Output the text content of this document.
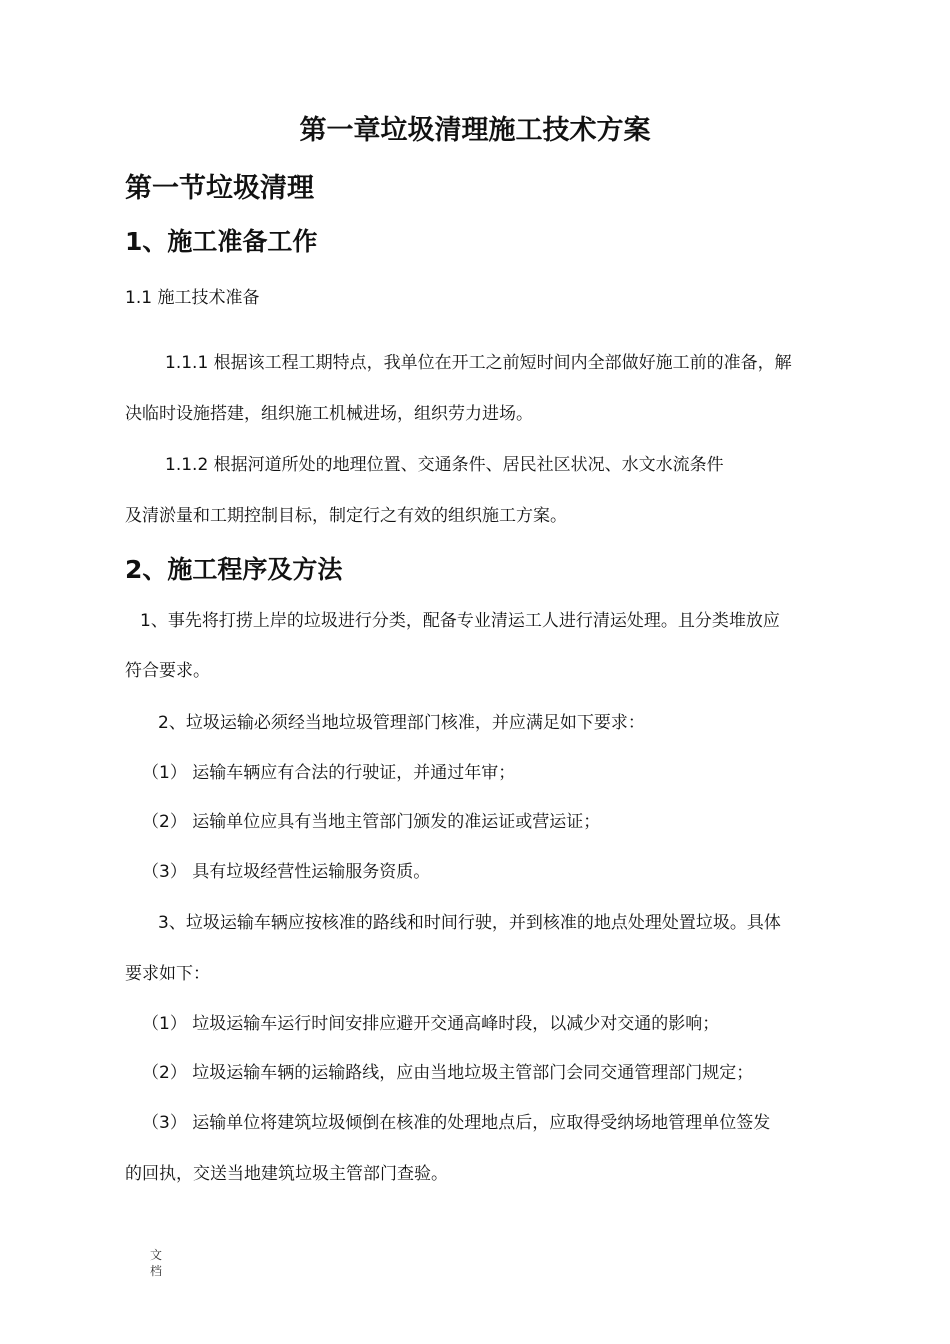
第一章垃圾清理施工技术方案
第一节垃圾清理
1、施工准备工作
1.1 施工技术准备
1.1.1 根据该工程工期特点，我单位在开工之前短时间内全部做好施工前的准备，解
决临时设施搭建，组织施工机械进场，组织劳力进场。
1.1.2 根据河道所处的地理位置、交通条件、居民社区状况、水文水流条件
及清淤量和工期控制目标，制定行之有效的组织施工方案。
2、施工程序及方法
1、事先将打捞上岸的垃圾进行分类，配备专业清运工人进行清运处理。且分类堆放应
符合要求。
2、垃圾运输必须经当地垃圾管理部门核准，并应满足如下要求：
（1） 运输车辆应有合法的行驶证，并通过年审；
（2） 运输单位应具有当地主管部门颁发的准运证或营运证；
（3） 具有垃圾经营性运输服务资质。
3、垃圾运输车辆应按核准的路线和时间行驶，并到核准的地点处理处置垃圾。具体
要求如下：
（1） 垃圾运输车运行时间安排应避开交通高峰时段，以减少对交通的影响；
（2） 垃圾运输车辆的运输路线，应由当地垃圾主管部门会同交通管理部门规定；
（3） 运输单位将建筑垃圾倾倒在核准的处理地点后，应取得受纳场地管理单位签发
的回执，交送当地建筑垃圾主管部门查验。
文档
